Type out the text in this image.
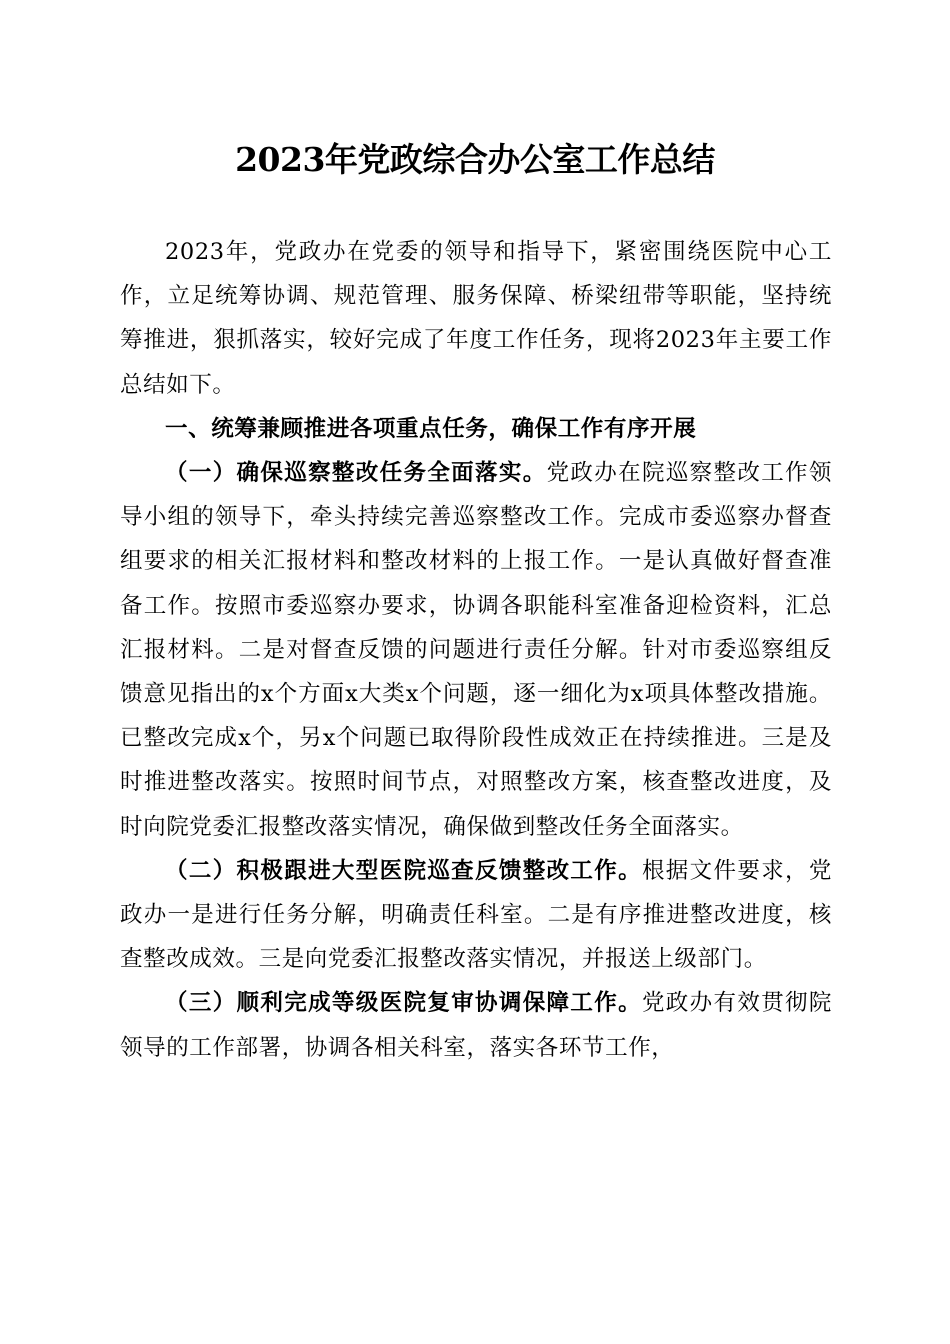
2023年党政综合办公室工作总结

2023年，党政办在党委的领导和指导下，紧密围绕医院中心工作，立足统筹协调、规范管理、服务保障、桥梁纽带等职能，坚持统筹推进，狠抓落实，较好完成了年度工作任务，现将2023年主要工作总结如下。

一、统筹兼顾推进各项重点任务，确保工作有序开展

（一）确保巡察整改任务全面落实。党政办在院巡察整改工作领导小组的领导下，牵头持续完善巡察整改工作。完成市委巡察办督查组要求的相关汇报材料和整改材料的上报工作。一是认真做好督查准备工作。按照市委巡察办要求，协调各职能科室准备迎检资料，汇总汇报材料。二是对督查反馈的问题进行责任分解。针对市委巡察组反馈意见指出的x个方面x大类x个问题，逐一细化为x项具体整改措施。已整改完成x个，另x个问题已取得阶段性成效正在持续推进。三是及时推进整改落实。按照时间节点，对照整改方案，核查整改进度，及时向院党委汇报整改落实情况，确保做到整改任务全面落实。

（二）积极跟进大型医院巡查反馈整改工作。根据文件要求，党政办一是进行任务分解，明确责任科室。二是有序推进整改进度，核查整改成效。三是向党委汇报整改落实情况，并报送上级部门。

（三）顺利完成等级医院复审协调保障工作。党政办有效贯彻院领导的工作部署，协调各相关科室，落实各环节工作，
